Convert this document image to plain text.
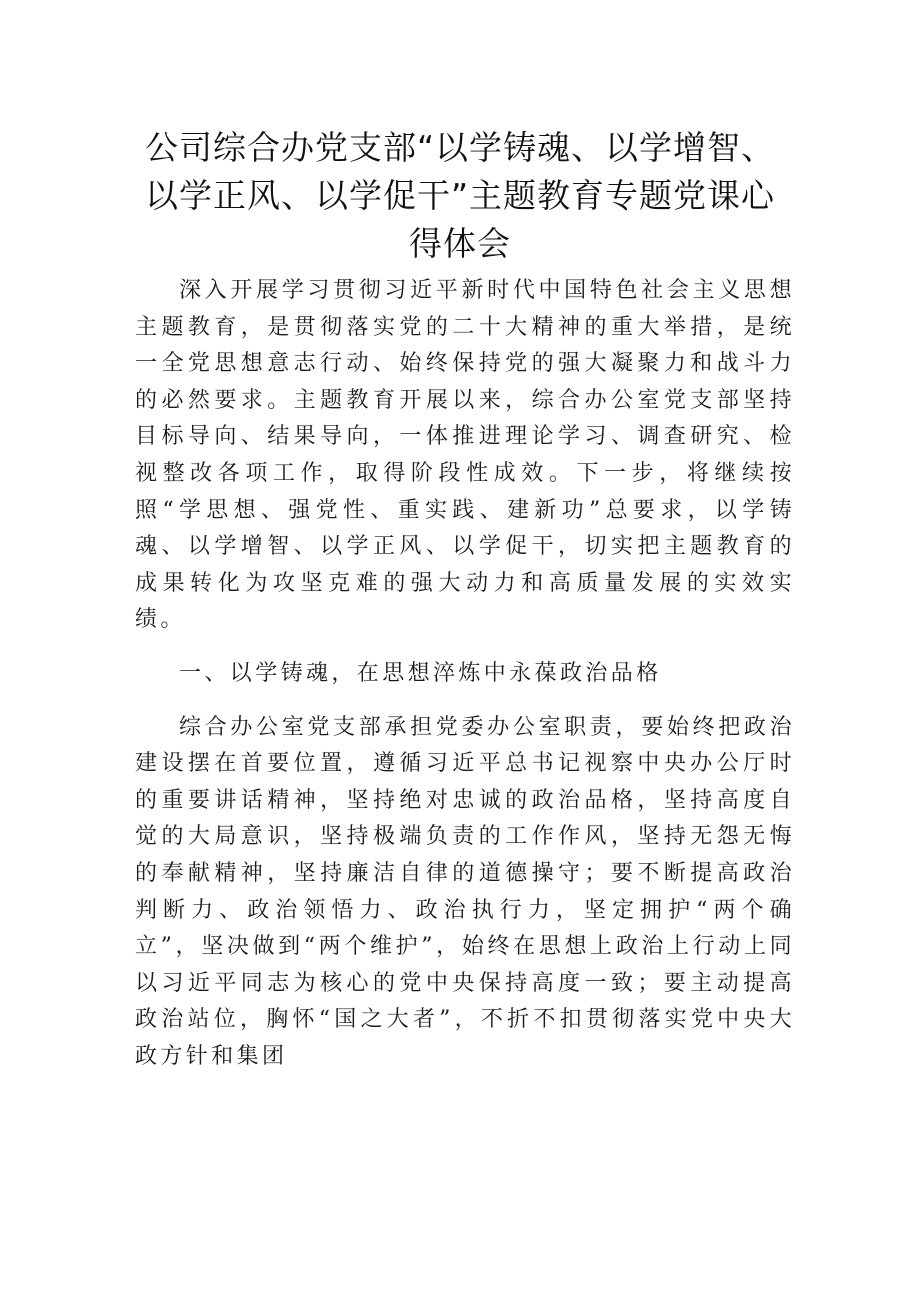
公司综合办党支部“以学铸魂、以学增智、
以学正风、以学促干”主题教育专题党课心
得体会

深入开展学习贯彻习近平新时代中国特色社会主义思想主题教育，是贯彻落实党的二十大精神的重大举措，是统一全党思想意志行动、始终保持党的强大凝聚力和战斗力的必然要求。主题教育开展以来，综合办公室党支部坚持目标导向、结果导向，一体推进理论学习、调查研究、检视整改各项工作，取得阶段性成效。下一步，将继续按照“学思想、强党性、重实践、建新功”总要求，以学铸魂、以学增智、以学正风、以学促干，切实把主题教育的成果转化为攻坚克难的强大动力和高质量发展的实效实绩。

一、以学铸魂，在思想淬炼中永葆政治品格

综合办公室党支部承担党委办公室职责，要始终把政治建设摆在首要位置，遵循习近平总书记视察中央办公厅时的重要讲话精神，坚持绝对忠诚的政治品格，坚持高度自觉的大局意识，坚持极端负责的工作作风，坚持无怨无悔的奉献精神，坚持廉洁自律的道德操守；要不断提高政治判断力、政治领悟力、政治执行力，坚定拥护“两个确立”，坚决做到“两个维护”，始终在思想上政治上行动上同以习近平同志为核心的党中央保持高度一致；要主动提高政治站位，胸怀“国之大者”，不折不扣贯彻落实党中央大政方针和集团
